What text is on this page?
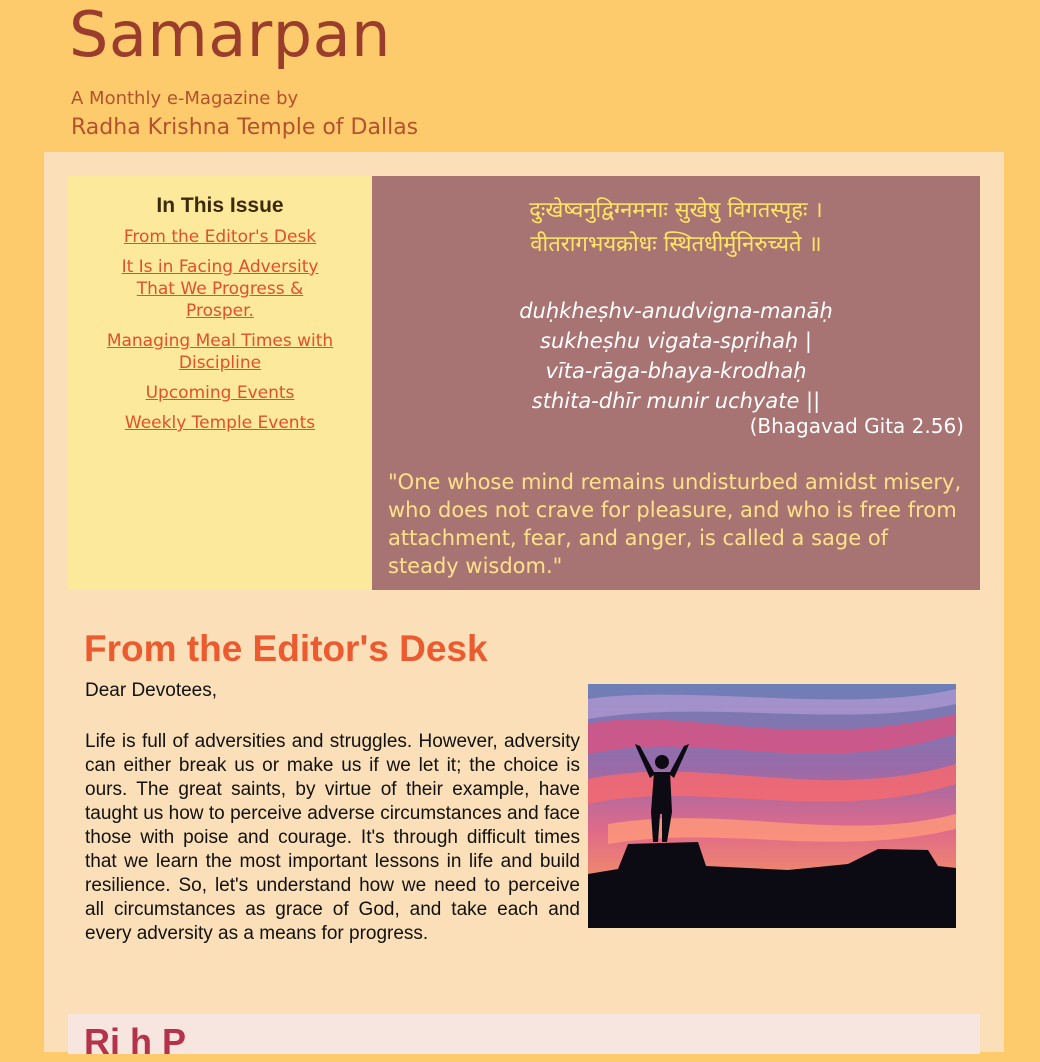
Samarpan
A Monthly e-Magazine by
Radha Krishna Temple of Dallas
In This Issue
From the Editor's Desk
It Is in Facing Adversity That We Progress & Prosper.
Managing Meal Times with Discipline
Upcoming Events
Weekly Temple Events
दुःखेष्वनुद्विग्नमनाः सुखेषु विगतस्पृहः ।
वीतरागभयक्रोधः स्थितधीर्मुनिरुच्यते ॥
duḥkheṣhv-anudvigna-manāḥ
sukheṣhu vigata-spṛihaḥ |
vīta-rāga-bhaya-krodhaḥ
sthita-dhīr munir uchyate ||
(Bhagavad Gita 2.56)
"One whose mind remains undisturbed amidst misery, who does not crave for pleasure, and who is free from attachment, fear, and anger, is called a sage of steady wisdom."
From the Editor's Desk

Dear Devotees,

Life is full of adversities and struggles. However, adversity can either break us or make us if we let it; the choice is ours. The great saints, by virtue of their example, have taught us how to perceive adverse circumstances and face those with poise and courage. It's through difficult times that we learn the most important lessons in life and build resilience. So, let's understand how we need to perceive all circumstances as grace of God, and take each and every adversity as a means for progress.

Ri h P
